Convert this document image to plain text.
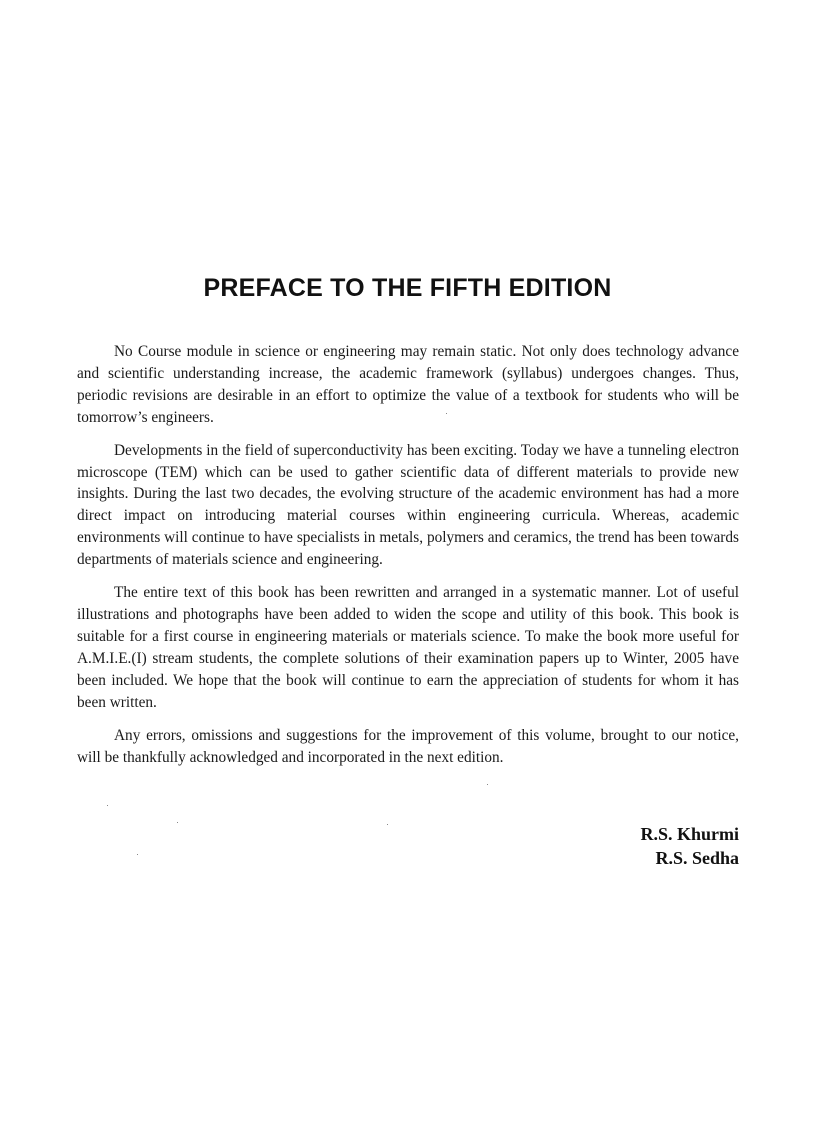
PREFACE TO THE FIFTH EDITION

No Course module in science or engineering may remain static. Not only does technology advance and scientific understanding increase, the academic framework (syllabus) undergoes changes. Thus, periodic revisions are desirable in an effort to optimize the value of a textbook for students who will be tomorrow’s engineers.

Developments in the field of superconductivity has been exciting. Today we have a tunneling electron microscope (TEM) which can be used to gather scientific data of different materials to provide new insights. During the last two decades, the evolving structure of the academic environment has had a more direct impact on introducing material courses within engineering curricula. Whereas, academic environments will continue to have specialists in metals, polymers and ceramics, the trend has been towards departments of materials science and engineering.

The entire text of this book has been rewritten and arranged in a systematic manner. Lot of useful illustrations and photographs have been added to widen the scope and utility of this book. This book is suitable for a first course in engineering materials or materials science. To make the book more useful for A.M.I.E.(I) stream students, the complete solutions of their examination papers up to Winter, 2005 have been included. We hope that the book will continue to earn the appreciation of students for whom it has been written.

Any errors, omissions and suggestions for the improvement of this volume, brought to our notice, will be thankfully acknowledged and incorporated in the next edition.

R.S. Khurmi
R.S. Sedha
